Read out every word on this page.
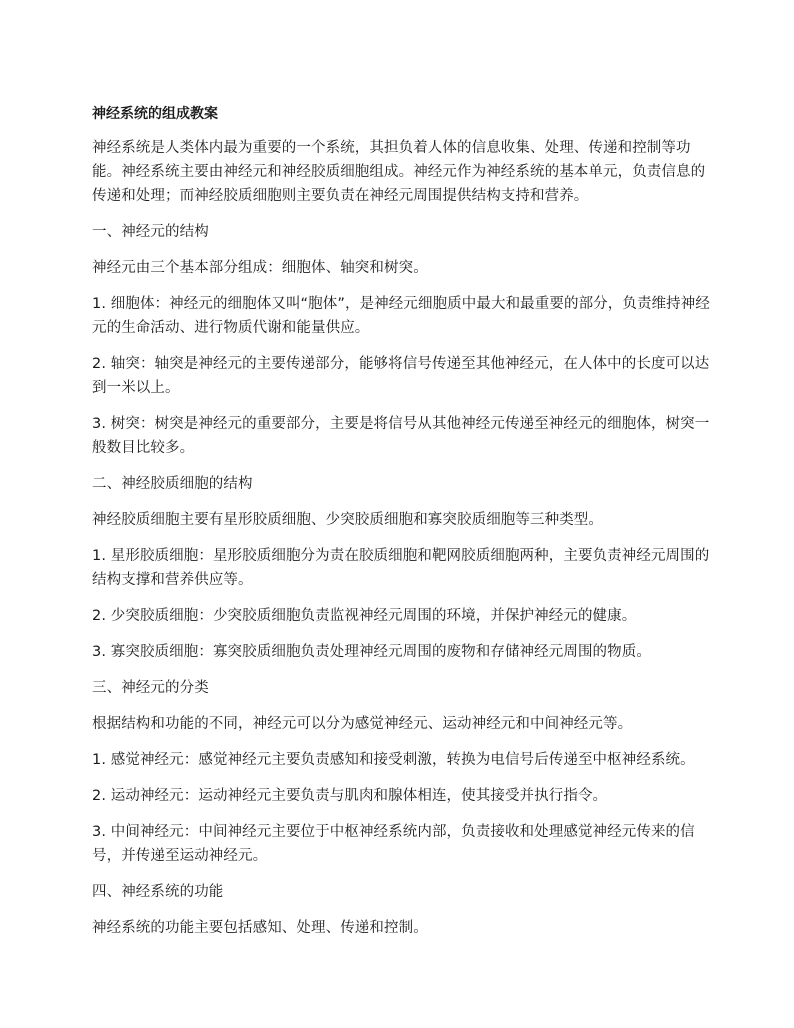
神经系统的组成教案
神经系统是人类体内最为重要的一个系统，其担负着人体的信息收集、处理、传递和控制等功能。神经系统主要由神经元和神经胶质细胞组成。神经元作为神经系统的基本单元，负责信息的传递和处理；而神经胶质细胞则主要负责在神经元周围提供结构支持和营养。
一、神经元的结构
神经元由三个基本部分组成：细胞体、轴突和树突。
1. 细胞体：神经元的细胞体又叫“胞体”，是神经元细胞质中最大和最重要的部分，负责维持神经元的生命活动、进行物质代谢和能量供应。
2. 轴突：轴突是神经元的主要传递部分，能够将信号传递至其他神经元，在人体中的长度可以达到一米以上。
3. 树突：树突是神经元的重要部分，主要是将信号从其他神经元传递至神经元的细胞体，树突一般数目比较多。
二、神经胶质细胞的结构
神经胶质细胞主要有星形胶质细胞、少突胶质细胞和寡突胶质细胞等三种类型。
1. 星形胶质细胞：星形胶质细胞分为责在胶质细胞和靶网胶质细胞两种，主要负责神经元周围的结构支撑和营养供应等。
2. 少突胶质细胞：少突胶质细胞负责监视神经元周围的环境，并保护神经元的健康。
3. 寡突胶质细胞：寡突胶质细胞负责处理神经元周围的废物和存储神经元周围的物质。
三、神经元的分类
根据结构和功能的不同，神经元可以分为感觉神经元、运动神经元和中间神经元等。
1. 感觉神经元：感觉神经元主要负责感知和接受刺激，转换为电信号后传递至中枢神经系统。
2. 运动神经元：运动神经元主要负责与肌肉和腺体相连，使其接受并执行指令。
3. 中间神经元：中间神经元主要位于中枢神经系统内部，负责接收和处理感觉神经元传来的信号，并传递至运动神经元。
四、神经系统的功能
神经系统的功能主要包括感知、处理、传递和控制。
